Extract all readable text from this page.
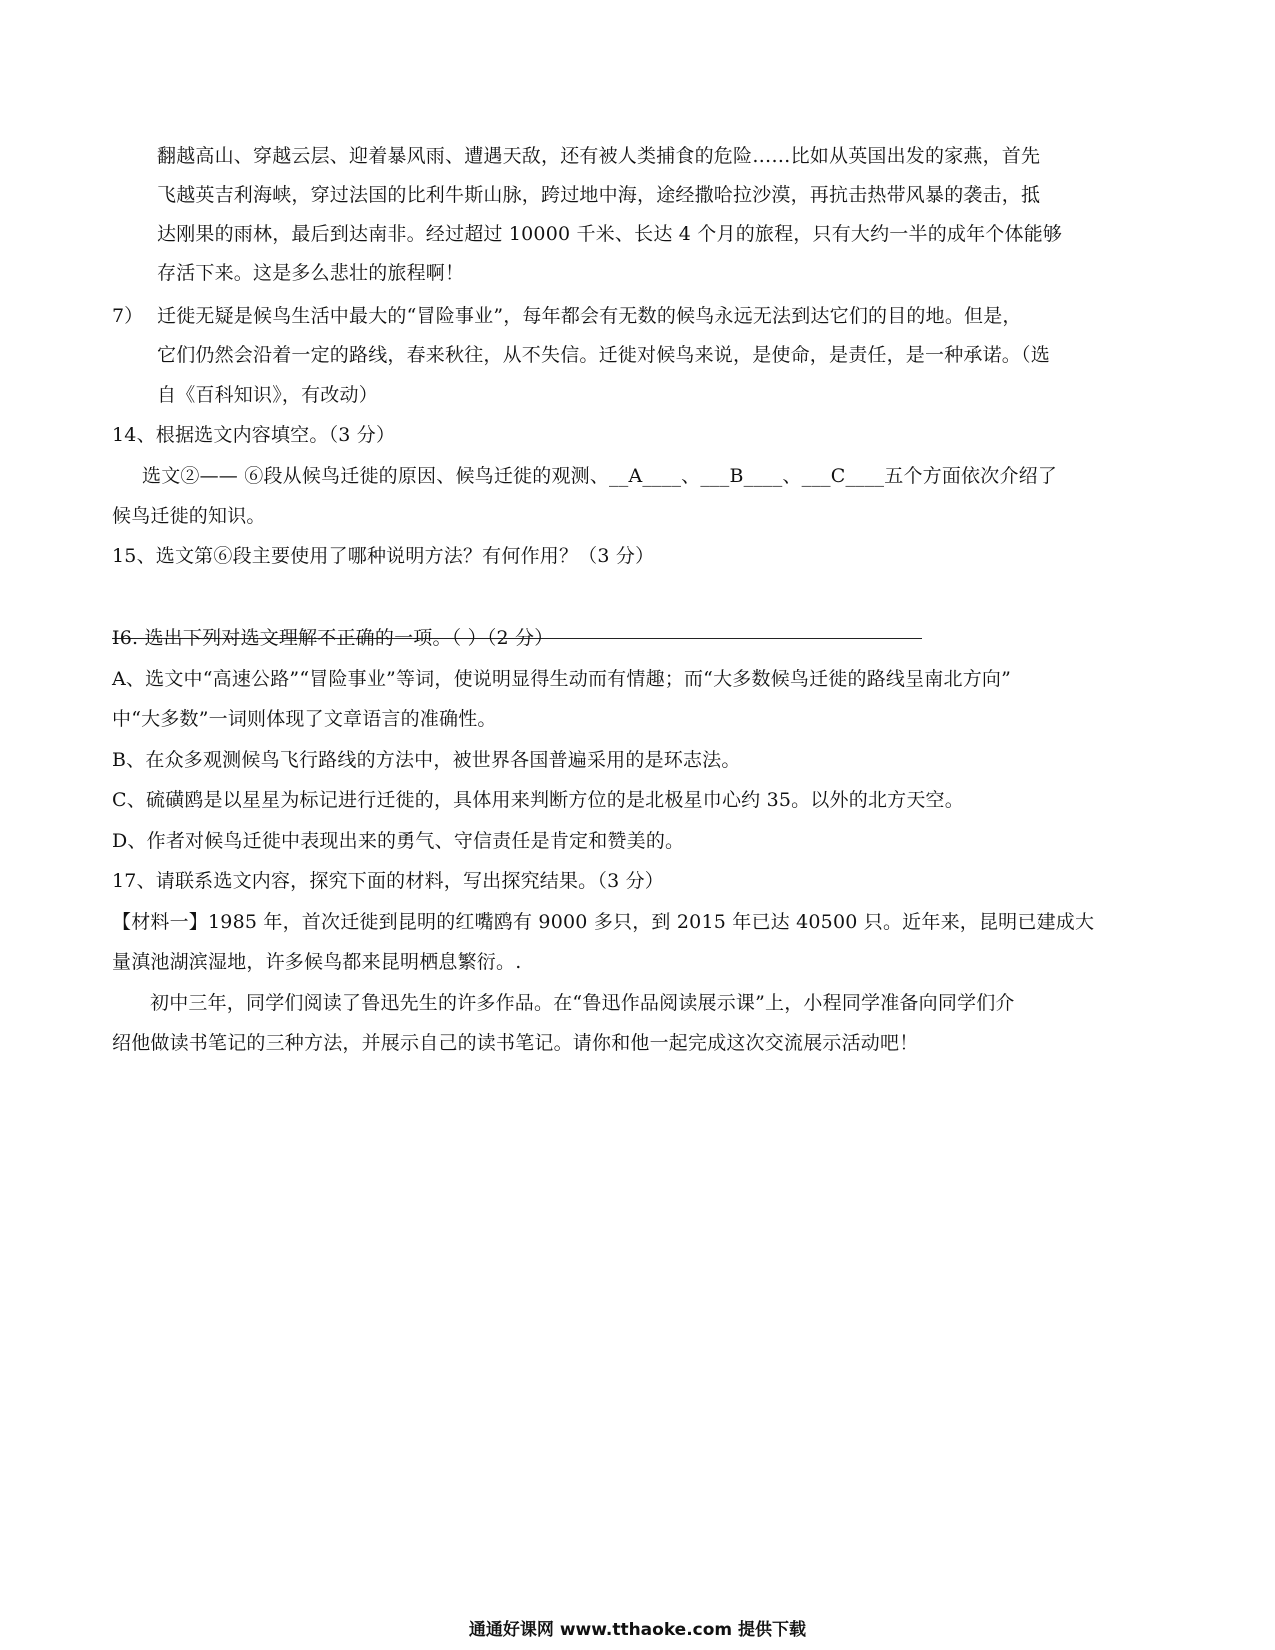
翻越高山、穿越云层、迎着暴风雨、遭遇天敌，还有被人类捕食的危险……比如从英国出发的家燕，首先
飞越英吉利海峡，穿过法国的比利牛斯山脉，跨过地中海，途经撒哈拉沙漠，再抗击热带风暴的袭击，抵
达刚果的雨林，最后到达南非。经过超过 10000 千米、长达 4 个月的旅程，只有大约一半的成年个体能够
存活下来。这是多么悲壮的旅程啊！
7） 迁徙无疑是候鸟生活中最大的“冒险事业”，每年都会有无数的候鸟永远无法到达它们的目的地。但是，
它们仍然会沿着一定的路线，春来秋往，从不失信。迁徙对候鸟来说，是使命，是责任，是一种承诺。（选
自《百科知识》，有改动）
14、根据选文内容填空。（3 分）
选文②—— ⑥段从候鸟迁徙的原因、候鸟迁徙的观测、__A____、___B____、___C____五个方面依次介绍了
候鸟迁徙的知识。
15、选文第⑥段主要使用了哪种说明方法？有何作用？（3 分）
I6. 选出下列对选文理解不正确的一项。（ ）（2 分）
A、选文中“高速公路”“冒险事业”等词，使说明显得生动而有情趣；而“大多数候鸟迁徙的路线呈南北方向”
中“大多数”一词则体现了文章语言的准确性。
B、在众多观测候鸟飞行路线的方法中，被世界各国普遍采用的是环志法。
C、硫磺鸥是以星星为标记进行迁徙的，具体用来判断方位的是北极星巾心约 35。以外的北方天空。
D、作者对候鸟迁徙中表现出来的勇气、守信责任是肯定和赞美的。
17、请联系选文内容，探究下面的材料，写出探究结果。（3 分）
【材料一】1985 年，首次迁徙到昆明的红嘴鸥有 9000 多只，到 2015 年已达 40500 只。近年来，昆明已建成大
量滇池湖滨湿地，许多候鸟都来昆明栖息繁衍。.
初中三年，同学们阅读了鲁迅先生的许多作品。在“鲁迅作品阅读展示课”上，小程同学准备向同学们介
绍他做读书笔记的三种方法，并展示自己的读书笔记。请你和他一起完成这次交流展示活动吧！
通通好课网 www.tthaoke.com 提供下载
